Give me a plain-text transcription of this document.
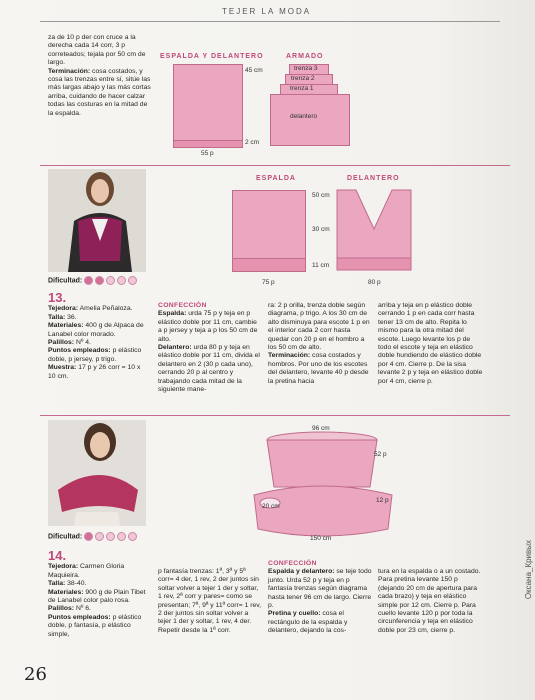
TEJER LA MODA
za de 10 p der con cruce a la derecha cada 14 corr, 3 p correteados; tejala por 50 cm de largo.
Terminación: cosa costados, y cosa las trenzas entre sí, sitúe las más largas abajo y las más cortas arriba, cuidando de hacer calzar todas las costuras en la mitad de la espalda.
ESPALDA Y DELANTERO	ARMADO
45 cm
2 cm
55 p
trenza 3
trenza 2
trenza 1
delantero
Dificultad:
ESPALDA	DELANTERO
50 cm
30 cm
11 cm
75 p	80 p
13.
Tejedora: Amelia Peñaloza.
Talla: 36.
Materiales: 400 g de Alpaca de Lanabel color morado.
Palillos: Nº 4.
Puntos empleados: p elástico doble, p jersey, p trigo.
Muestra: 17 p y 26 corr = 10 x 10 cm.
CONFECCIÓN
Espalda: urda 75 p y teja en p elástico doble por 11 cm, cambie a p jersey y teja a p los 50 cm de alto.
Delantero: urda 80 p y teja en elástico doble por 11 cm, divida el delantero en 2 (30 p cada uno), cerrando 20 p al centro y trabajando cada mitad de la siguiente mane-
ra: 2 p orilla, trenza doble según diagrama, p trigo. A los 30 cm de alto disminuya para escote 1 p en el interior cada 2 corr hasta quedar con 20 p en el hombro a los 50 cm de alto.
Terminación: cosa costados y hombros. Por uno de los escotes del delantero, levante 40 p desde la pretina hacia
arriba y teja en p elástico doble cerrando 1 p en cada corr hasta tener 13 cm de alto. Repita lo mismo para la otra mitad del escote. Luego levante los p de todo el escote y teja en elástico doble hundiendo de elástico doble por 4 cm. Cierre p. De la sisa levante 2 p y teja en elástico doble por 4 cm, cierre p.
Dificultad:
96 cm
52 p
12 p
20 cm
150 cm
14.
Tejedora: Carmen Gloria Maquieira.
Talla: 38-40.
Materiales: 900 g de Plain Tibet de Lanabel color palo rosa.
Palillos: Nº 6.
Puntos empleados: p elástico doble, p fantasía, p elástico simple,
p fantasía trenzas: 1ª, 3ª y 5ª corr= 4 der, 1 rev, 2 der juntos sin soltar volver a tejer 1 der y soltar, 1 rev, 2ª corr y pares= como se presentan; 7ª, 9ª y 11ª corr= 1 rev, 2 der juntos sin soltar volver a tejer 1 der y soltar, 1 rev, 4 der. Repetir desde la 1ª corr.
CONFECCIÓN
Espalda y delantero: se teje todo junto. Urda 52 p y teja en p fantasía trenzas según diagrama hasta tener 96 cm de largo. Cierre p.
Pretina y cuello: cosa el rectángulo de la espalda y delantero, dejando la cos-
tura en la espalda o a un costado. Para pretina levante 150 p (dejando 20 cm de apertura para cada brazo) y teja en elástico simple por 12 cm. Cierre p. Para cuello levante 120 p por toda la circunferencia y teja en elástico doble por 23 cm, cierre p.
26
Оксана_Кривых
